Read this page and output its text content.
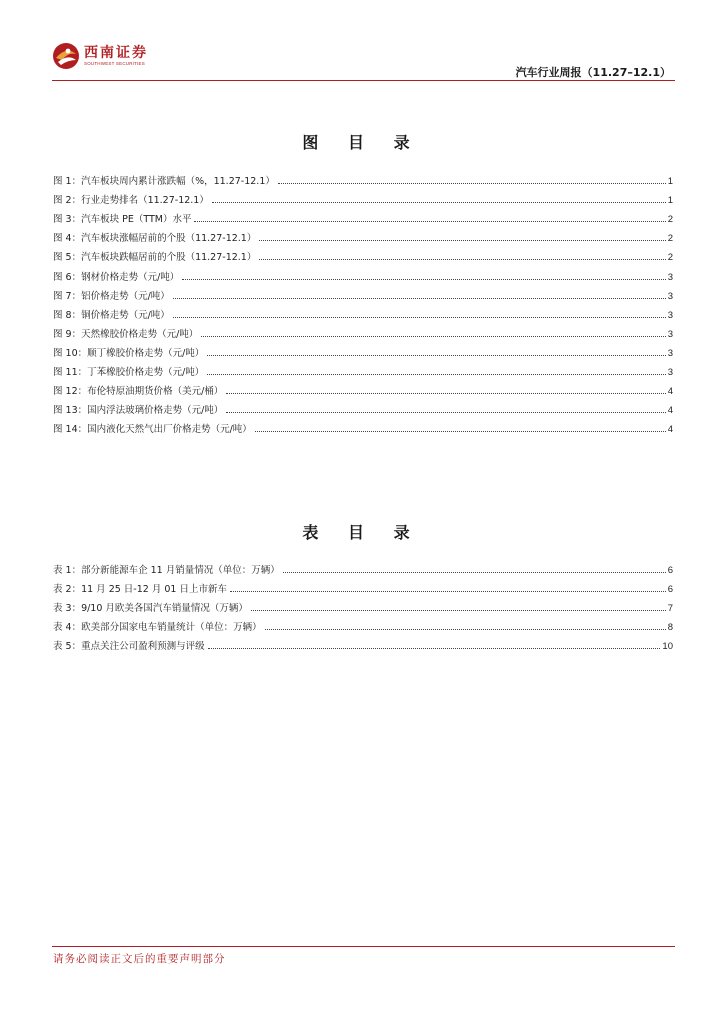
西南证券
SOUTHWEST SECURITIES
汽车行业周报（11.27–12.1）
图 目 录
图 1：汽车板块周内累计涨跌幅（%，11.27-12.1）	1
图 2：行业走势排名（11.27-12.1）	1
图 3：汽车板块 PE（TTM）水平	2
图 4：汽车板块涨幅居前的个股（11.27-12.1）	2
图 5：汽车板块跌幅居前的个股（11.27-12.1）	2
图 6：钢材价格走势（元/吨）	3
图 7：铝价格走势（元/吨）	3
图 8：铜价格走势（元/吨）	3
图 9：天然橡胶价格走势（元/吨）	3
图 10：顺丁橡胶价格走势（元/吨）	3
图 11：丁苯橡胶价格走势（元/吨）	3
图 12：布伦特原油期货价格（美元/桶）	4
图 13：国内浮法玻璃价格走势（元/吨）	4
图 14：国内液化天然气出厂价格走势（元/吨）	4
表 目 录
表 1：部分新能源车企 11 月销量情况（单位：万辆）	6
表 2：11 月 25 日-12 月 01 日上市新车	6
表 3：9/10 月欧美各国汽车销量情况（万辆）	7
表 4：欧美部分国家电车销量统计（单位：万辆）	8
表 5：重点关注公司盈利预测与评级	10
请务必阅读正文后的重要声明部分
